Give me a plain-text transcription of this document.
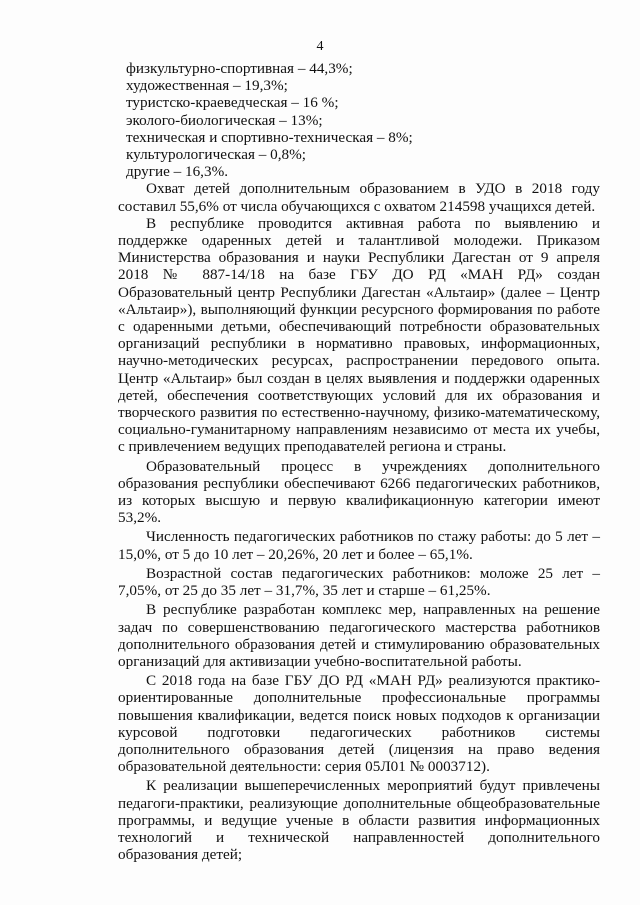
4

физкультурно-спортивная – 44,3%;

художественная – 19,3%;

туристско-краеведческая – 16 %;

эколого-биологическая – 13%;

техническая и спортивно-техническая – 8%;

культурологическая – 0,8%;

другие – 16,3%.

Охват детей дополнительным образованием в УДО в 2018 году составил 55,6% от числа обучающихся с охватом 214598 учащихся детей.

В республике проводится активная работа по выявлению и поддержке одаренных детей и талантливой молодежи. Приказом Министерства образования и науки Республики Дагестан от 9 апреля 2018 № 887-14/18 на базе ГБУ ДО РД «МАН РД» создан Образовательный центр Республики Дагестан «Альтаир» (далее – Центр «Альтаир»), выполняющий функции ресурсного формирования по работе с одаренными детьми, обеспечивающий потребности образовательных организаций республики в нормативно правовых, информационных, научно-методических ресурсах, распространении передового опыта. Центр «Альтаир» был создан в целях выявления и поддержки одаренных детей, обеспечения соответствующих условий для их образования и творческого развития по естественно-научному, физико-математическому, социально-гуманитарному направлениям независимо от места их учебы, с привлечением ведущих преподавателей региона и страны.

Образовательный процесс в учреждениях дополнительного образования республики обеспечивают 6266 педагогических работников, из которых высшую и первую квалификационную категории имеют 53,2%.

Численность педагогических работников по стажу работы: до 5 лет – 15,0%, от 5 до 10 лет – 20,26%, 20 лет и более – 65,1%.

Возрастной состав педагогических работников: моложе 25 лет – 7,05%, от 25 до 35 лет – 31,7%, 35 лет и старше – 61,25%.

В республике разработан комплекс мер, направленных на решение задач по совершенствованию педагогического мастерства работников дополнительного образования детей и стимулированию образовательных организаций для активизации учебно-воспитательной работы.

С 2018 года на базе ГБУ ДО РД «МАН РД» реализуются практико-ориентированные дополнительные профессиональные программы повышения квалификации, ведется поиск новых подходов к организации курсовой подготовки педагогических работников системы дополнительного образования детей (лицензия на право ведения образовательной деятельности: серия 05Л01 № 0003712).

К реализации вышеперечисленных мероприятий будут привлечены педагоги-практики, реализующие дополнительные общеобразовательные программы, и ведущие ученые в области развития информационных технологий и технической направленностей дополнительного образования детей;
